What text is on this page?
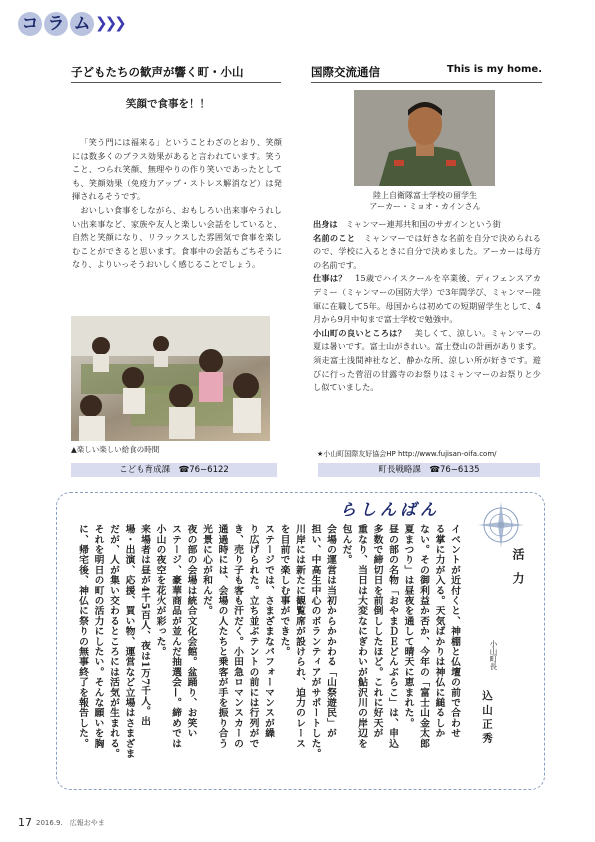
コ ラ ム ❯❯❯
子どもたちの歓声が響く町・小山
笑顔で食事を！！

「笑う門には福来る」ということわざのとおり、笑顔には数多くのプラス効果があると言われています。笑うこと、つられ笑顔、無理やりの作り笑いであったとしても、笑顔効果（免疫力アップ・ストレス解消など）は発揮されるそうです。

おいしい食事をしながら、おもしろい出来事やうれしい出来事など、家族や友人と楽しい会話をしていると、自然と笑顔になり、リラックスした雰囲気で食事を楽しむことができると思います。食事中の会話もごちそうになり、よりいっそうおいしく感じることでしょう。

▲楽しい楽しい給食の時間
こども育成課　☎76−6122
国際交流通信	This is my home.
陸上自衛隊富士学校の留学生
アーカー・ミョオ・カインさん
出身は　 ミャンマー連邦共和国のサガインという街
名前のこと　 ミャンマーでは好きな名前を自分で決められるので、学校に入るときに自分で決めました。アーカーは母方の名前です。
仕事は？　 15歳でハイスクールを卒業後、ディフェンスアカデミー（ミャンマーの国防大学）で3年間学び、ミャンマー陸軍に在職して5年。母国からは初めての短期留学生として、4月から9月中旬まで富士学校で勉強中。
小山町の良いところは？　 美しくて、涼しい。ミャンマーの夏は暑いです。富士山がきれい。富士登山の計画があります。須走富士浅間神社など、静かな所、涼しい所が好きです。遊びに行った菅沼の甘露寺のお祭りはミャンマーのお祭りと少し似ていました。
★小山町国際友好協会HP http://www.fujisan-oifa.com/
町長戦略課　☎76−6135
らしんばん
活　力
小山町長
込 山 正 秀
イベントが近付くと、神棚と仏壇の前で合わせ
る掌に力が入る。天気ばかりは神仏に縋るしか
ない。その御利益か否か、今年の「富士山金太郎
夏まつり」は昼夜を通して晴天に恵まれた。
昼の部の名物「おやまＤＥどんぶらこ」は、申込
多数で締切日を前倒ししたほど。これに好天が
重なり、当日は大変なにぎわいが鮎沢川の岸辺を
包んだ。
会場の運営は当初からかかわる「山祭遊民」が
担い、中高生中心のボランティアがサポートした。
川岸には新たに観覧席が設けられ、迫力のレース
を目前で楽しむ事ができた。
ステージでは、さまざまなパフォーマンスが繰
り広げられた。立ち並ぶテントの前には行列がで
き、売り子も客も汗だく。小田急ロマンスカーの
通過時には、会場の人たちと乗客が手を振り合う
光景に心が和んだ。
夜の部の会場は統合文化会館。盆踊り、お笑い
ステージ、豪華商品が並んだ抽選会—。締めでは
小山の夜空を花火が彩った。
来場者は昼が4千5百人、夜は1万7千人。出
場・出演、応援、買い物、運営など立場はさまざま
だが、人が集い交わるところには活気が生まれる。
それを明日の町の活力にしたい。そんな願いを胸
に、帰宅後、神仏に祭りの無事終了を報告した。
17 2016.9.　広報おやま
